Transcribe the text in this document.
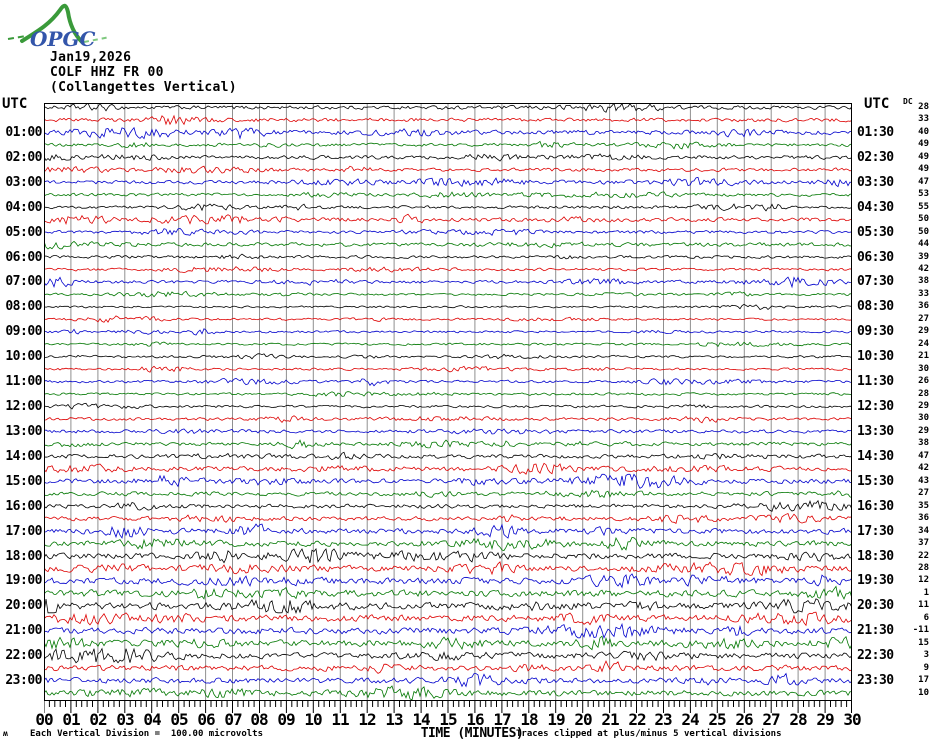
OPGC
Jan19,2026
COLF HHZ FR 00
(Collangettes Vertical)
UTC	UTC DC
01:00
02:00
03:00
04:00
05:00
06:00
07:00
08:00
09:00
10:00
11:00
12:00
13:00
14:00
15:00
16:00
17:00
18:00
19:00
20:00
21:00
22:00
23:00
01:30
02:30
03:30
04:30
05:30
06:30
07:30
08:30
09:30
10:30
11:30
12:30
13:30
14:30
15:30
16:30
17:30
18:30
19:30
20:30
21:30
22:30
23:30
28
33
40
49
49
49
47
53
55
50
50
44
39
42
38
33
36
27
29
24
21
30
26
28
29
30
29
38
47
42
43
27
35
36
34
37
22
28
12
1
11
6
-11
15
3
9
17
10
00 01 02 03 04 05 06 07 08 09 10 11 12 13 14 15 16 17 18 19 20 21 22 23 24 25 26 27 28 29 30
ʍ Each Vertical Division =  100.00 microvolts	TIME (MINUTES)
Traces clipped at plus/minus 5 vertical divisions
